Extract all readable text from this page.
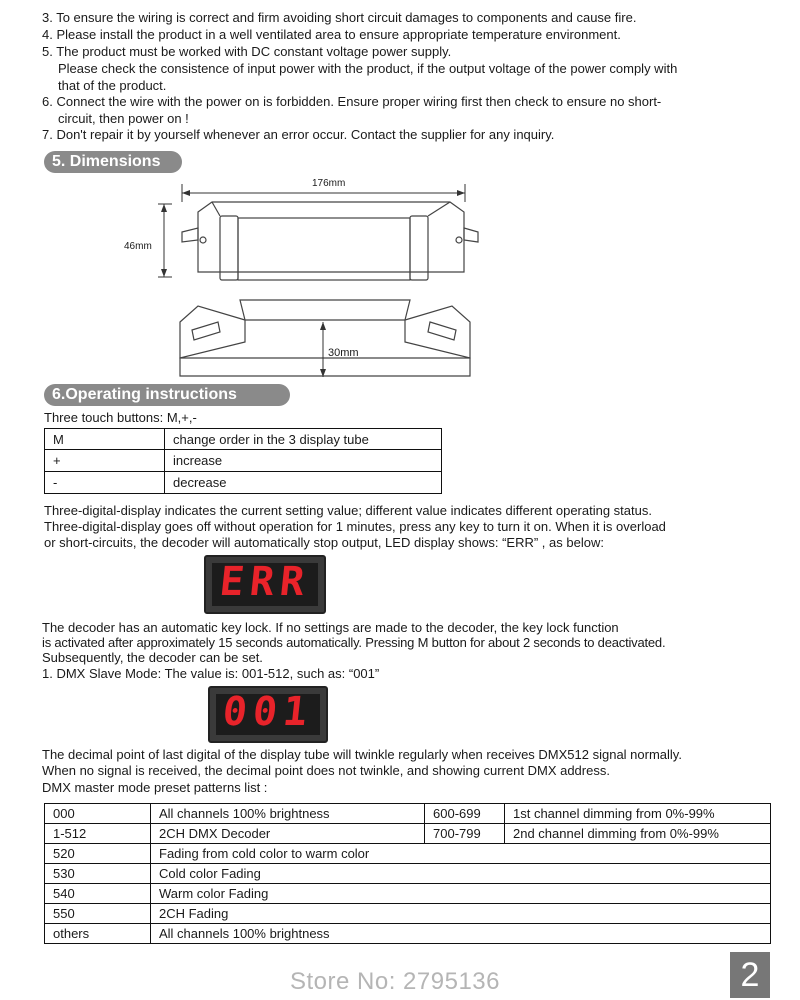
3. To ensure the wiring is correct and firm avoiding short circuit damages to components and cause fire.
4. Please install the product in a well ventilated area to ensure appropriate temperature environment.
5. The product must be worked with DC constant voltage power supply.
Please check the consistence of input power with the product, if the output voltage of the power comply with
that of the product.
6. Connect the wire with the power on is forbidden. Ensure proper wiring first then check to ensure no short-
circuit, then power on !
7. Don't repair it by yourself whenever an error occur. Contact the supplier for any inquiry.
5. Dimensions
176mm
46mm
30mm
6.Operating instructions
Three touch buttons: M,+,-
M	change order in the 3 display tube
+	increase
-	decrease
Three-digital-display indicates the current setting value; different value indicates different operating status.
Three-digital-display goes off without operation for 1 minutes, press any key to turn it on. When it is overload
or short-circuits, the decoder will automatically stop output, LED display shows: “ERR” , as below:
ERR
The decoder has an automatic key lock. If no settings are made to the decoder, the key lock function
is activated after approximately 15 seconds automatically. Pressing M button for about 2 seconds to deactivated.
Subsequently, the decoder can be set.
1. DMX Slave Mode: The value is: 001-512, such as: “001”
001
The decimal point of last digital of the display tube will twinkle regularly when receives DMX512 signal normally.
When no signal is received, the decimal point does not twinkle, and showing current DMX address.
DMX master mode preset patterns list :
000	All channels 100% brightness	600-699	1st channel dimming from 0%-99%
1-512	2CH DMX Decoder	700-799	2nd channel dimming from 0%-99%
520	Fading from cold color to warm color		
530	Cold color Fading		
540	Warm color Fading		
550	2CH Fading		
others	All channels 100% brightness		
Store No: 2795136	2
